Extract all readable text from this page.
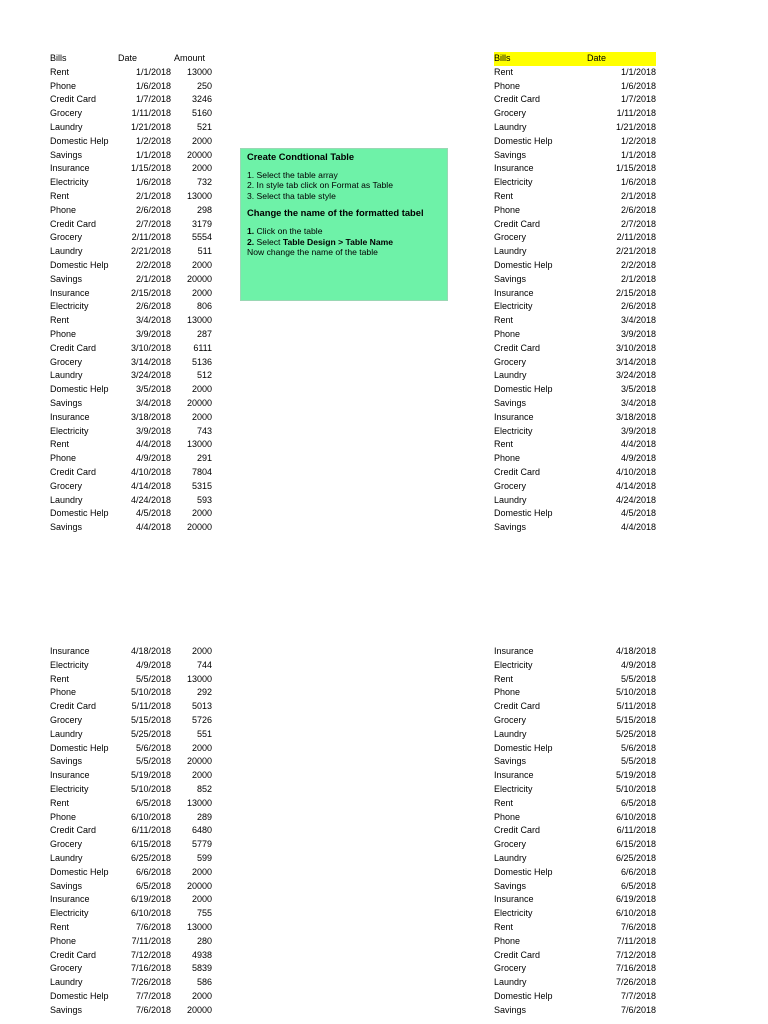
Bills	Date	Amount
Rent	1/1/2018 13000
Phone	1/6/2018	250
Credit Card	1/7/2018 3246
Grocery	1/11/2018 5160
Laundry	1/21/2018	521
Domestic Help	1/2/2018 2000
Savings	1/1/2018 20000
Insurance	1/15/2018 2000
Electricity	1/6/2018	732
Rent	2/1/2018 13000
Phone	2/6/2018	298
Credit Card	2/7/2018 3179
Grocery	2/11/2018 5554
Laundry	2/21/2018	511
Domestic Help	2/2/2018 2000
Savings	2/1/2018 20000
Insurance	2/15/2018 2000
Electricity	2/6/2018	806
Rent	3/4/2018 13000
Phone	3/9/2018	287
Credit Card	3/10/2018 6111
Grocery	3/14/2018 5136
Laundry	3/24/2018	512
Domestic Help	3/5/2018 2000
Savings	3/4/2018 20000
Insurance	3/18/2018 2000
Electricity	3/9/2018	743
Rent	4/4/2018 13000
Phone	4/9/2018	291
Credit Card	4/10/2018 7804
Grocery	4/14/2018 5315
Laundry	4/24/2018	593
Domestic Help	4/5/2018 2000
Savings	4/4/2018 20000
Bills	Date
Rent	1/1/2018
Phone	1/6/2018
Credit Card	1/7/2018
Grocery	1/11/2018
Laundry	1/21/2018
Domestic Help	1/2/2018
Savings	1/1/2018
Insurance	1/15/2018
Electricity	1/6/2018
Rent	2/1/2018
Phone	2/6/2018
Credit Card	2/7/2018
Grocery	2/11/2018
Laundry	2/21/2018
Domestic Help	2/2/2018
Savings	2/1/2018
Insurance	2/15/2018
Electricity	2/6/2018
Rent	3/4/2018
Phone	3/9/2018
Credit Card	3/10/2018
Grocery	3/14/2018
Laundry	3/24/2018
Domestic Help	3/5/2018
Savings	3/4/2018
Insurance	3/18/2018
Electricity	3/9/2018
Rent	4/4/2018
Phone	4/9/2018
Credit Card	4/10/2018
Grocery	4/14/2018
Laundry	4/24/2018
Domestic Help	4/5/2018
Savings	4/4/2018
Create Condtional Table
1. Select the table array
2. In style tab click on Format as Table
3. Select tha table style
Change the name of the formatted tabel
1. Click on the table
2. Select Table Design > Table Name
Now change the name of the table
Insurance	4/18/2018 2000
Electricity	4/9/2018	744
Rent	5/5/2018 13000
Phone	5/10/2018	292
Credit Card	5/11/2018 5013
Grocery	5/15/2018 5726
Laundry	5/25/2018	551
Domestic Help	5/6/2018 2000
Savings	5/5/2018 20000
Insurance	5/19/2018 2000
Electricity	5/10/2018	852
Rent	6/5/2018 13000
Phone	6/10/2018	289
Credit Card	6/11/2018 6480
Grocery	6/15/2018 5779
Laundry	6/25/2018	599
Domestic Help	6/6/2018 2000
Savings	6/5/2018 20000
Insurance	6/19/2018 2000
Electricity	6/10/2018	755
Rent	7/6/2018 13000
Phone	7/11/2018	280
Credit Card	7/12/2018 4938
Grocery	7/16/2018 5839
Laundry	7/26/2018	586
Domestic Help	7/7/2018 2000
Savings	7/6/2018 20000
Insurance	4/18/2018
Electricity	4/9/2018
Rent	5/5/2018
Phone	5/10/2018
Credit Card	5/11/2018
Grocery	5/15/2018
Laundry	5/25/2018
Domestic Help	5/6/2018
Savings	5/5/2018
Insurance	5/19/2018
Electricity	5/10/2018
Rent	6/5/2018
Phone	6/10/2018
Credit Card	6/11/2018
Grocery	6/15/2018
Laundry	6/25/2018
Domestic Help	6/6/2018
Savings	6/5/2018
Insurance	6/19/2018
Electricity	6/10/2018
Rent	7/6/2018
Phone	7/11/2018
Credit Card	7/12/2018
Grocery	7/16/2018
Laundry	7/26/2018
Domestic Help	7/7/2018
Savings	7/6/2018
